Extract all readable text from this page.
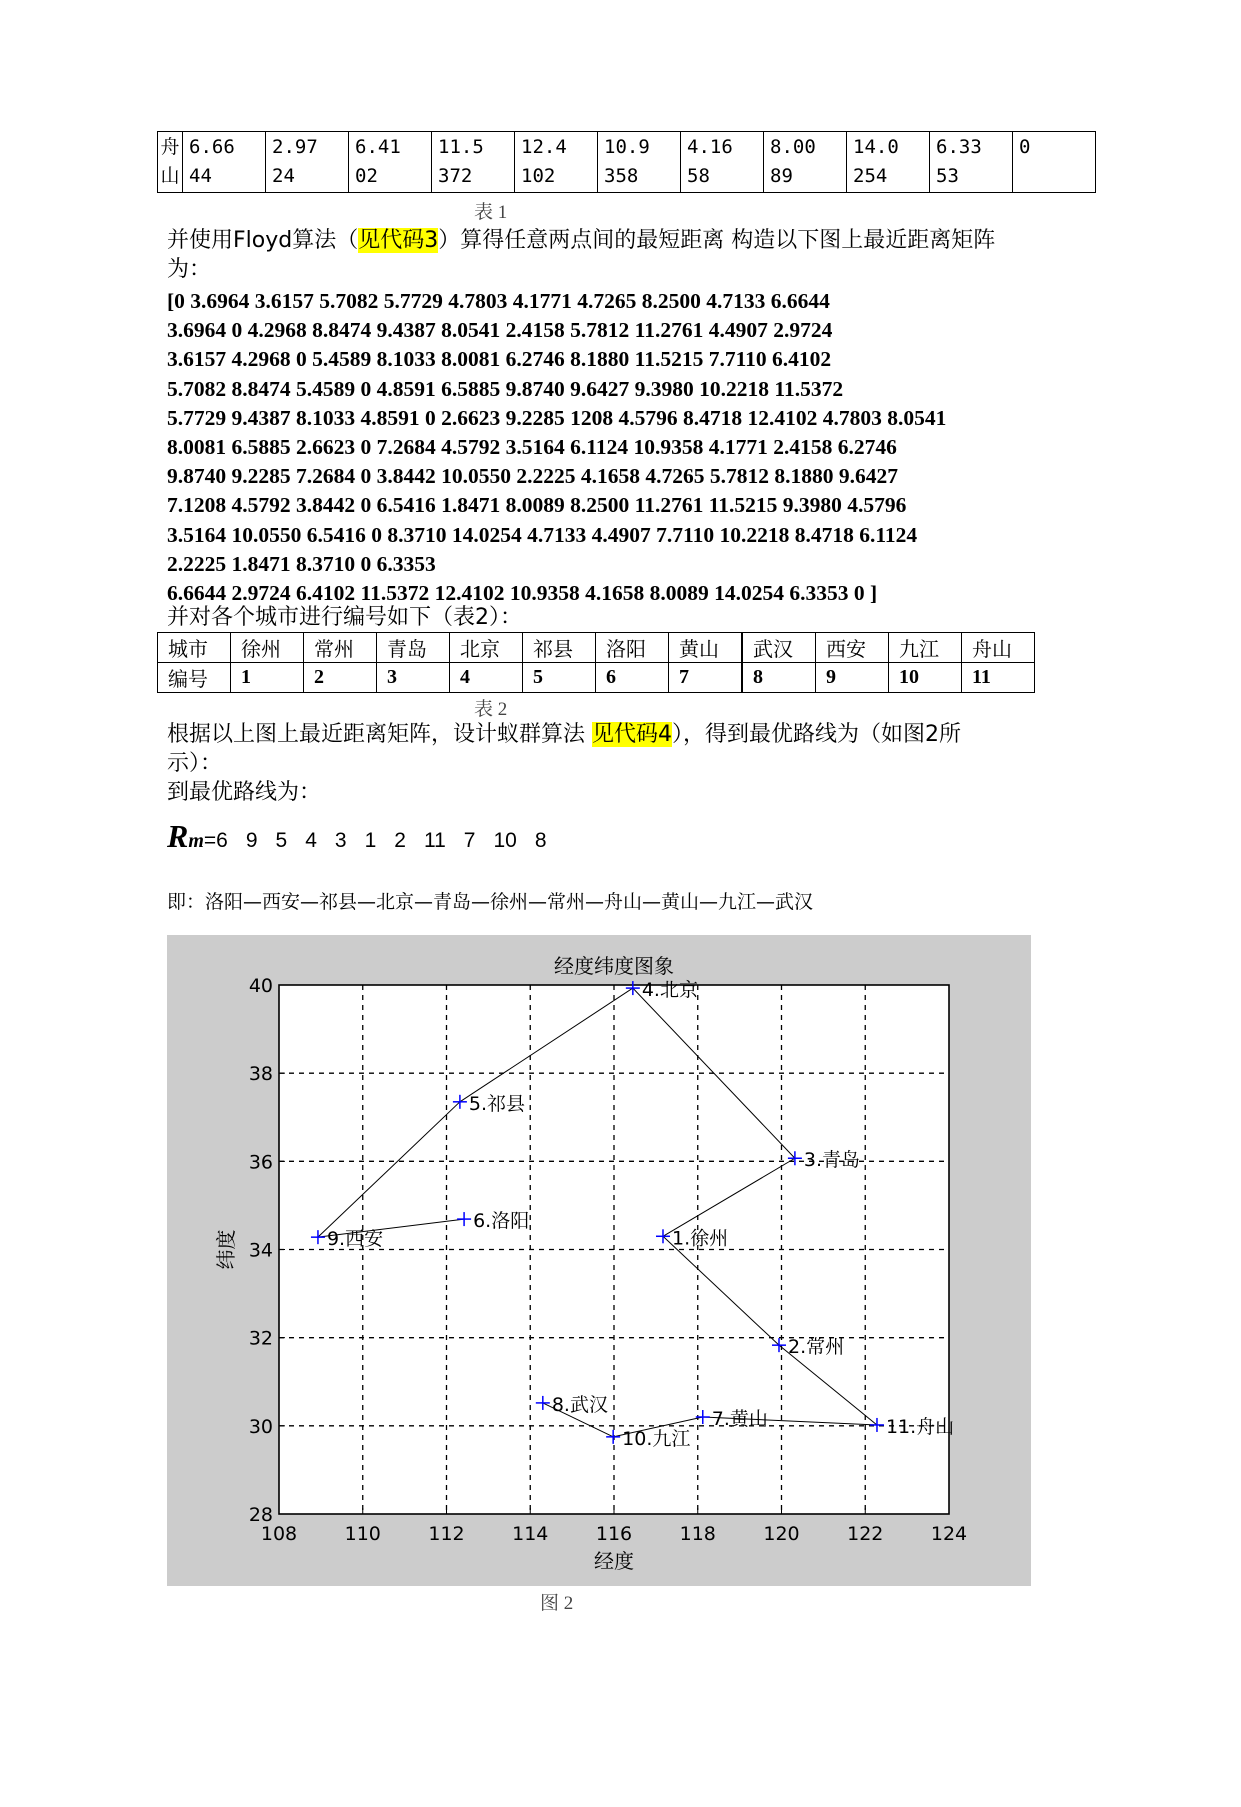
舟
山

6.66
44

2.97
24

6.41
02

11.5
372

12.4
102

10.9
358

4.16
58

8.00
89

14.0
254

6.33
53

0
表 1
并使用Floyd算法（见代码3）算得任意两点间的最短距离 构造以下图上最近距离矩阵
为：
[0 3.6964 3.6157 5.7082 5.7729 4.7803 4.1771 4.7265 8.2500 4.7133 6.6644
3.6964 0 4.2968 8.8474 9.4387 8.0541 2.4158 5.7812 11.2761 4.4907 2.9724
3.6157 4.2968 0 5.4589 8.1033 8.0081 6.2746 8.1880 11.5215 7.7110 6.4102
5.7082 8.8474 5.4589 0 4.8591 6.5885 9.8740 9.6427 9.3980 10.2218 11.5372
5.7729 9.4387 8.1033 4.8591 0 2.6623 9.2285 1208 4.5796 8.4718 12.4102 4.7803 8.0541
8.0081 6.5885 2.6623 0 7.2684 4.5792 3.5164 6.1124 10.9358 4.1771 2.4158 6.2746
9.8740 9.2285 7.2684 0 3.8442 10.0550 2.2225 4.1658 4.7265 5.7812 8.1880 9.6427
7.1208 4.5792 3.8442 0 6.5416 1.8471 8.0089 8.2500 11.2761 11.5215 9.3980 4.5796
3.5164 10.0550 6.5416 0 8.3710 14.0254 4.7133 4.4907 7.7110 10.2218 8.4718 6.1124
2.2225 1.8471 8.3710 0 6.3353
6.6644 2.9724 6.4102 11.5372 12.4102 10.9358 4.1658 8.0089 14.0254 6.3353 0 ]
并对各个城市进行编号如下（表2）：
城市	徐州	常州	青岛	北京	祁县	洛阳	黄山	武汉	西安	九江	舟山
编号	1	2	3	4	5	6	7	8	9	10	11
表 2
根据以上图上最近距离矩阵，设计蚁群算法 见代码4），得到最优路线为（如图2所
示）：
到最优路线为：
Rm=6 9 5 4 3 1 2 11 7 10 8
即：洛阳—西安—祁县—北京—青岛—徐州—常州—舟山—黄山—九江—武汉
108 110 112 114 116 118 120 122 124
28
30
32
34
36
38
40
1.徐州
2.常州
3.青岛
4.北京
5.祁县
6.洛阳
7.黄山
8.武汉
9.西安
10.九江
11.舟山
经度纬度图象
经度
纬度
图 2
